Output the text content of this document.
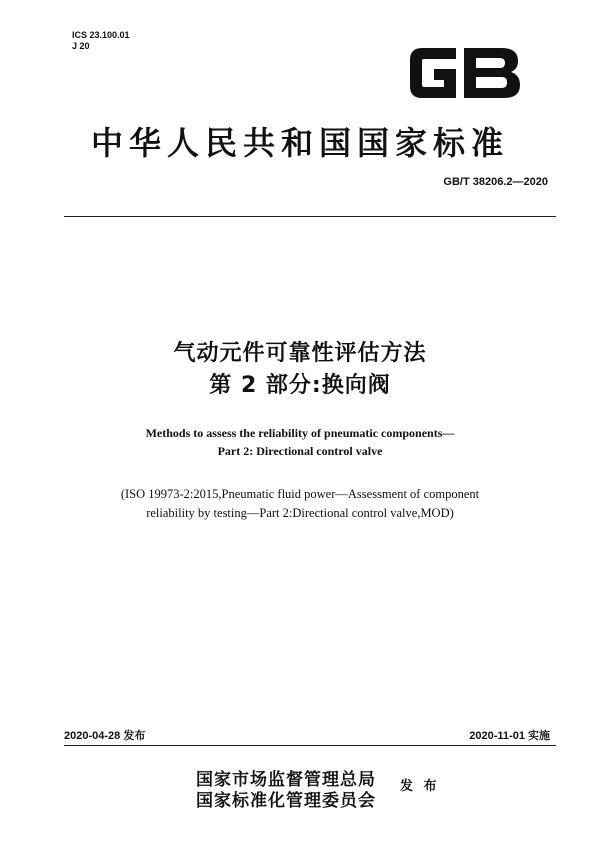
ICS 23.100.01
J 20
中华人民共和国国家标准
GB/T 38206.2—2020
气动元件可靠性评估方法
第 2 部分:换向阀
Methods to assess the reliability of pneumatic components—
Part 2: Directional control valve
(ISO 19973-2:2015,Pneumatic fluid power—Assessment of component
reliability by testing—Part 2:Directional control valve,MOD)
2020-04-28 发布	2020-11-01 实施
国家市场监督管理总局
国家标准化管理委员会
发 布
